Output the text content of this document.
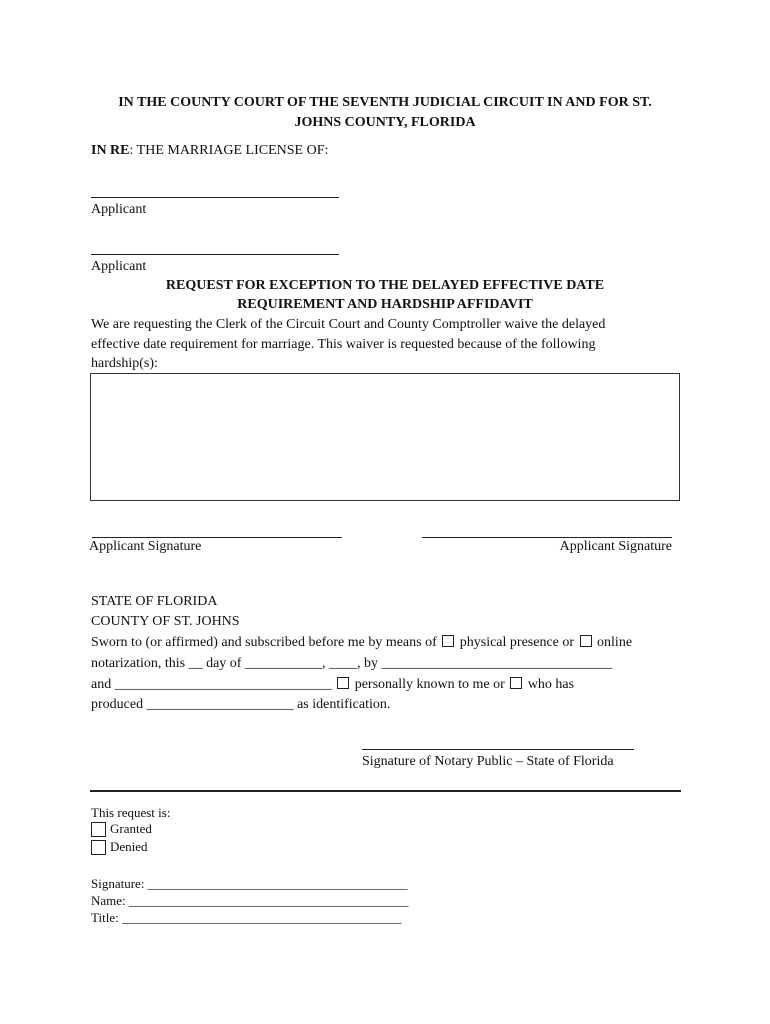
IN THE COUNTY COURT OF THE SEVENTH JUDICIAL CIRCUIT IN AND FOR ST.
JOHNS COUNTY, FLORIDA
IN RE: THE MARRIAGE LICENSE OF:
Applicant
Applicant
REQUEST FOR EXCEPTION TO THE DELAYED EFFECTIVE DATE
REQUIREMENT AND HARDSHIP AFFIDAVIT
We are requesting the Clerk of the Circuit Court and County Comptroller waive the delayed
effective date requirement for marriage. This waiver is requested because of the following
hardship(s):
Applicant Signature	Applicant Signature
STATE OF FLORIDA
COUNTY OF ST. JOHNS
Sworn to (or affirmed) and subscribed before me by means of physical presence or online
notarization, this __ day of ___________, ____, by _________________________________
and _______________________________ personally known to me or who has
produced _____________________ as identification.
Signature of Notary Public – State of Florida
This request is:
Granted
Denied
Signature: ________________________________________
Name: ___________________________________________
Title: ___________________________________________
